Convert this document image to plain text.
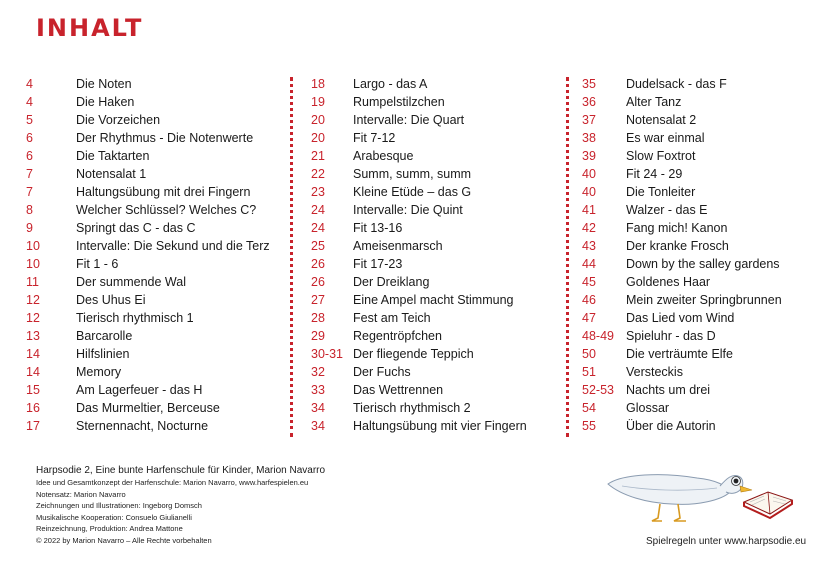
INHALT
4	Die Noten
4	Die Haken
5	Die Vorzeichen
6	Der Rhythmus - Die Notenwerte
6	Die Taktarten
7	Notensalat 1
7	Haltungsübung mit drei Fingern
8	Welcher Schlüssel? Welches C?
9	Springt das C - das C
10	Intervalle: Die Sekund und die Terz
10	Fit 1 - 6
11	Der summende Wal
12	Des Uhus Ei
12	Tierisch rhythmisch 1
13	Barcarolle
14	Hilfslinien
14	Memory
15	Am Lagerfeuer - das H
16	Das Murmeltier, Berceuse
17	Sternennacht, Nocturne
18	Largo - das A
19	Rumpelstilzchen
20	Intervalle: Die Quart
20	Fit 7-12
21	Arabesque
22	Summ, summ, summ
23	Kleine Etüde – das G
24	Intervalle: Die Quint
24	Fit 13-16
25	Ameisenmarsch
26	Fit 17-23
26	Der Dreiklang
27	Eine Ampel macht Stimmung
28	Fest am Teich
29	Regentröpfchen
30-31 Der fliegende Teppich
32	Der Fuchs
33	Das Wettrennen
34	Tierisch rhythmisch 2
34	Haltungsübung mit vier Fingern
35	Dudelsack - das F
36	Alter Tanz
37	Notensalat 2
38	Es war einmal
39	Slow Foxtrot
40	Fit 24 - 29
40	Die Tonleiter
41	Walzer - das E
42	Fang mich! Kanon
43	Der kranke Frosch
44	Down by the salley gardens
45	Goldenes Haar
46	Mein zweiter Springbrunnen
47	Das Lied vom Wind
48-49 Spieluhr - das D
50	Die verträumte Elfe
51	Versteckis
52-53 Nachts um drei
54	Glossar
55	Über die Autorin
Harpsodie 2, Eine bunte Harfenschule für Kinder, Marion Navarro
Idee und Gesamtkonzept der Harfenschule: Marion Navarro, www.harfespielen.eu
Notensatz: Marion Navarro
Zeichnungen und Illustrationen: Ingeborg Domsch
Musikalische Kooperation: Consuelo Giulianelli
Reinzeichnung, Produktion: Andrea Mattone
© 2022 by Marion Navarro – Alle Rechte vorbehalten	Spielregeln unter www.harpsodie.eu
